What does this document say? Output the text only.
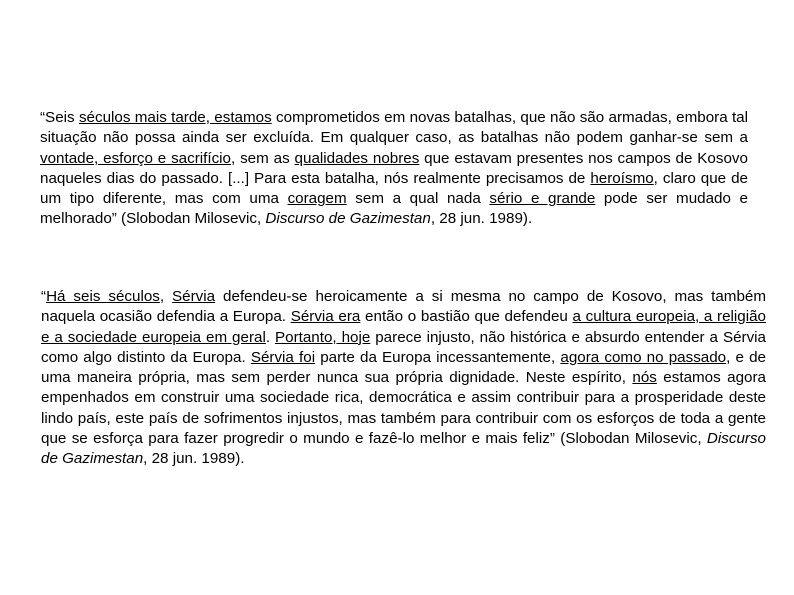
“Seis séculos mais tarde, estamos comprometidos em novas batalhas, que não são armadas, embora tal situação não possa ainda ser excluída. Em qualquer caso, as batalhas não podem ganhar-se sem a vontade, esforço e sacrifício, sem as qualidades nobres que estavam presentes nos campos de Kosovo naqueles dias do passado. [...] Para esta batalha, nós realmente precisamos de heroísmo, claro que de um tipo diferente, mas com uma coragem sem a qual nada sério e grande pode ser mudado e melhorado” (Slobodan Milosevic, Discurso de Gazimestan, 28 jun. 1989).

“Há seis séculos, Sérvia defendeu-se heroicamente a si mesma no campo de Kosovo, mas também naquela ocasião defendia a Europa. Sérvia era então o bastião que defendeu a cultura europeia, a religião e a sociedade europeia em geral. Portanto, hoje parece injusto, não histórica e absurdo entender a Sérvia como algo distinto da Europa. Sérvia foi parte da Europa incessantemente, agora como no passado, e de uma maneira própria, mas sem perder nunca sua própria dignidade. Neste espírito, nós estamos agora empenhados em construir uma sociedade rica, democrática e assim contribuir para a prosperidade deste lindo país, este país de sofrimentos injustos, mas também para contribuir com os esforços de toda a gente que se esforça para fazer progredir o mundo e fazê-lo melhor e mais feliz” (Slobodan Milosevic, Discurso de Gazimestan, 28 jun. 1989).
